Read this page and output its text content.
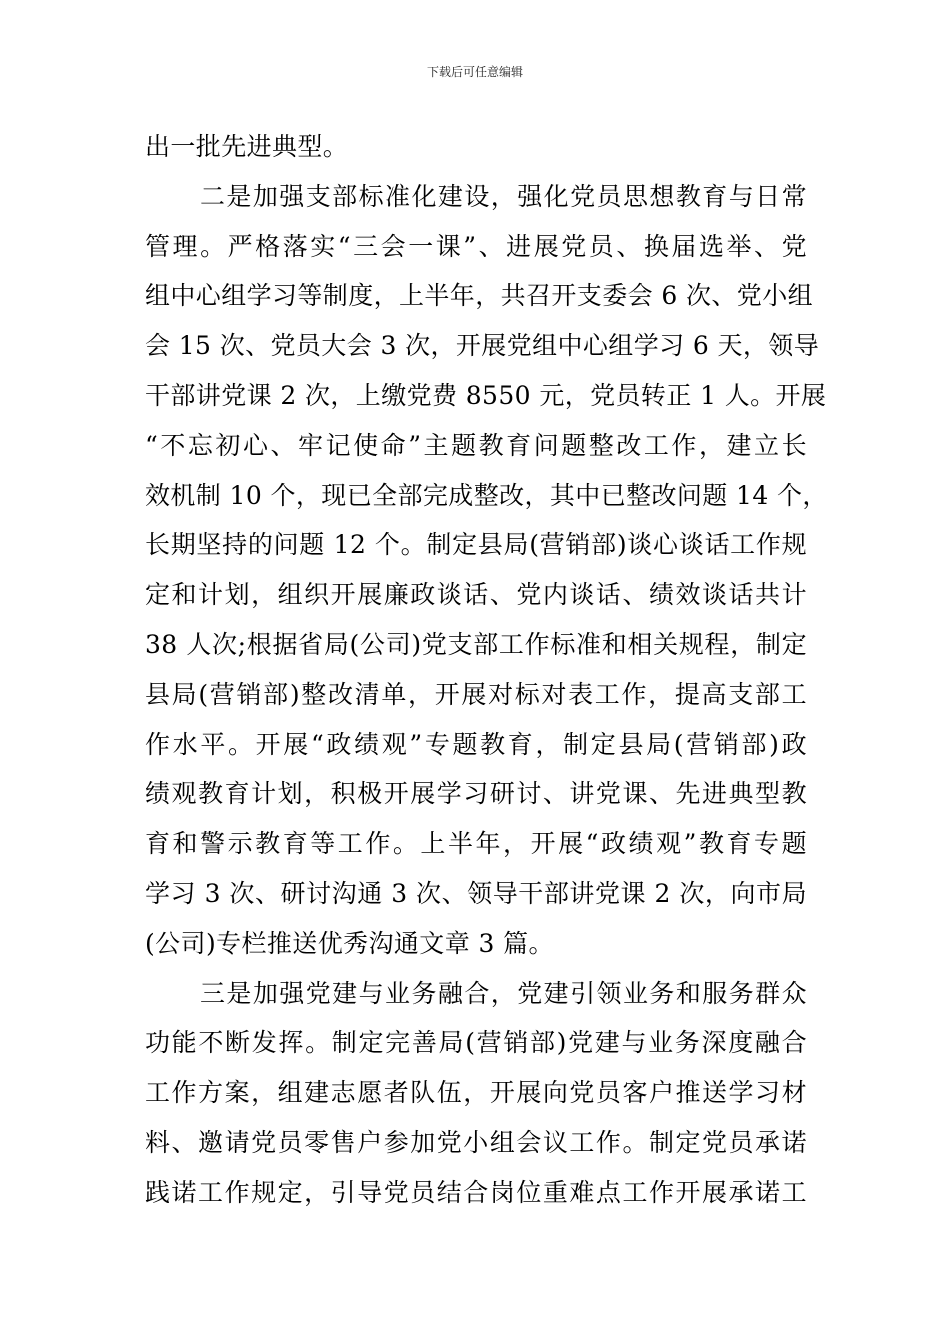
下载后可任意编辑
出一批先进典型。
二是加强支部标准化建设，强化党员思想教育与日常
管理。严格落实“三会一课”、进展党员、换届选举、党
组中心组学习等制度，上半年，共召开支委会 6 次、党小组
会 15 次、党员大会 3 次，开展党组中心组学习 6 天，领导
干部讲党课 2 次，上缴党费 8550 元，党员转正 1 人。开展
“不忘初心、牢记使命”主题教育问题整改工作，建立长
效机制 10 个，现已全部完成整改，其中已整改问题 14 个，
长期坚持的问题 12 个。制定县局(营销部)谈心谈话工作规
定和计划，组织开展廉政谈话、党内谈话、绩效谈话共计
38 人次;根据省局(公司)党支部工作标准和相关规程，制定
县局(营销部)整改清单，开展对标对表工作，提高支部工
作水平。开展“政绩观”专题教育，制定县局(营销部)政
绩观教育计划，积极开展学习研讨、讲党课、先进典型教
育和警示教育等工作。上半年，开展“政绩观”教育专题
学习 3 次、研讨沟通 3 次、领导干部讲党课 2 次，向市局
(公司)专栏推送优秀沟通文章 3 篇。
三是加强党建与业务融合，党建引领业务和服务群众
功能不断发挥。制定完善局(营销部)党建与业务深度融合
工作方案，组建志愿者队伍，开展向党员客户推送学习材
料、邀请党员零售户参加党小组会议工作。制定党员承诺
践诺工作规定，引导党员结合岗位重难点工作开展承诺工
